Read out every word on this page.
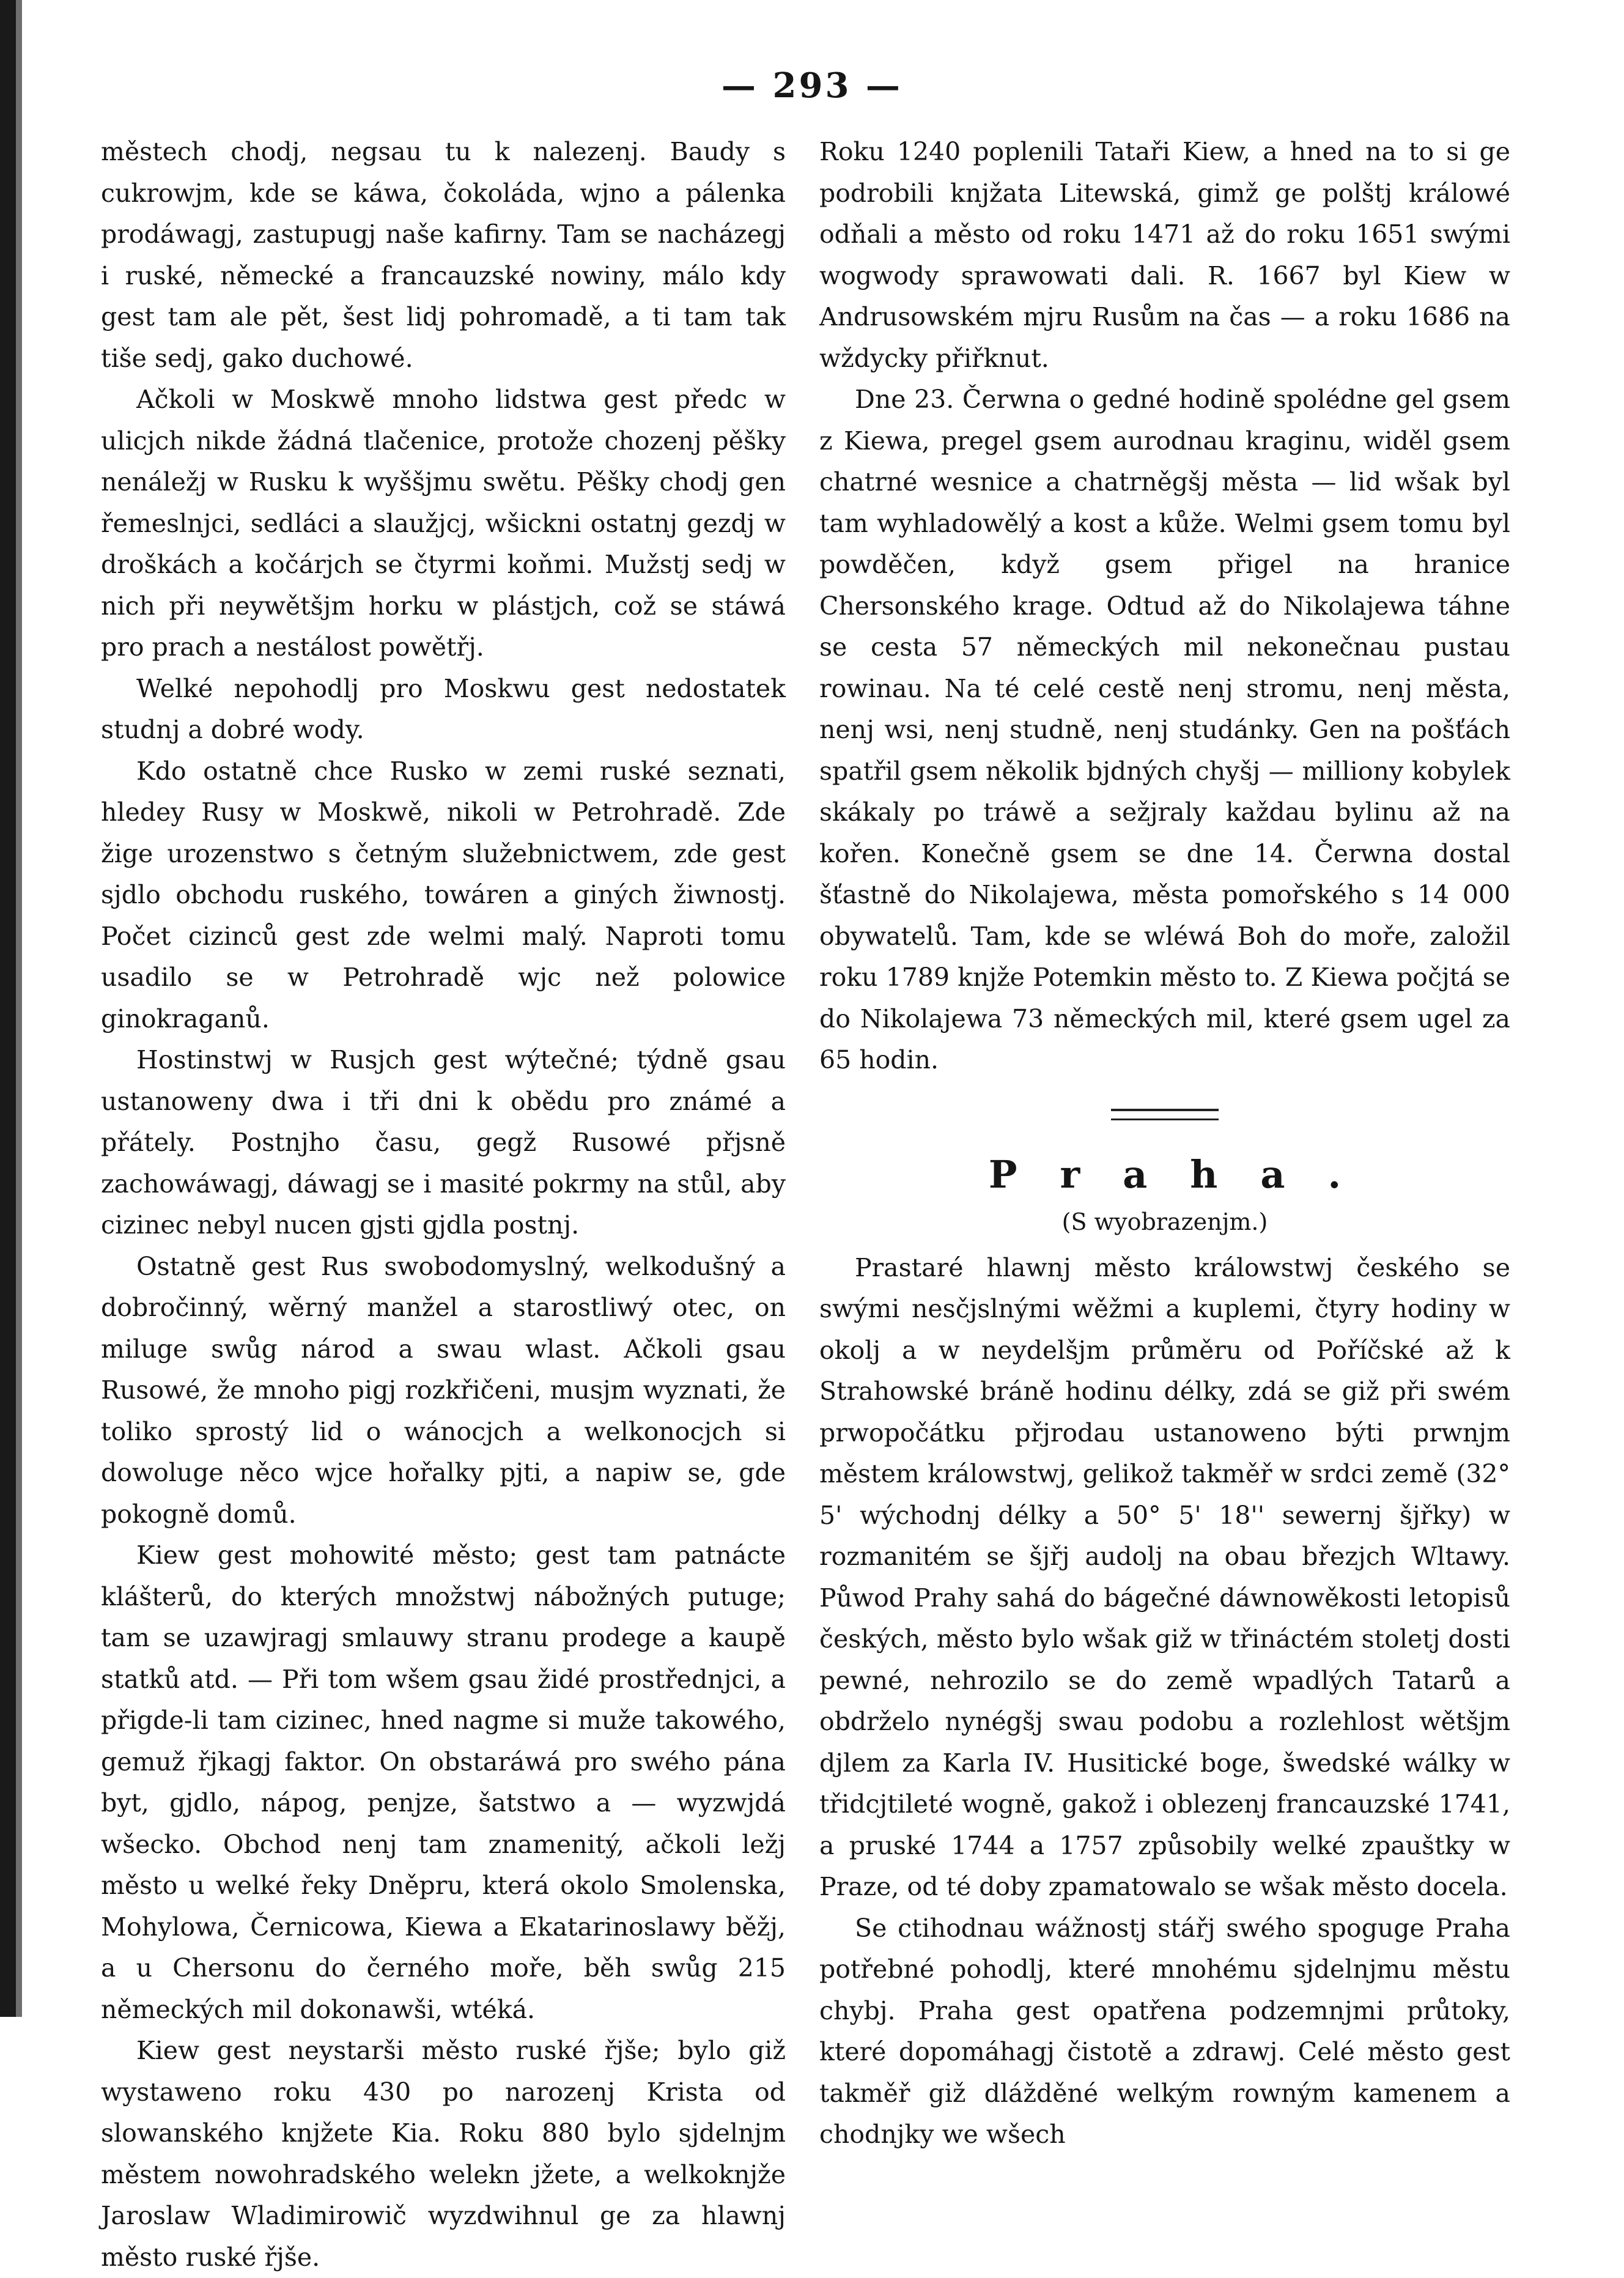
— 293 —

městech chodj, negsau tu k nalezenj. Baudy s cukrowjm, kde se káwa, čokoláda, wjno a pálenka prodáwagj, zastupugj naše kafirny. Tam se nacházegj i ruské, německé a francauzské nowiny, málo kdy gest tam ale pět, šest lidj pohromadě, a ti tam tak tiše sedj, gako duchowé.

Ačkoli w Moskwě mnoho lidstwa gest předc w ulicjch nikde žádná tlačenice, protože chozenj pěšky nenáležj w Rusku k wyššjmu swětu. Pěšky chodj gen řemeslnjci, sedláci a slaužjcj, wšickni ostatnj gezdj w droškách a kočárjch se čtyrmi koňmi. Mužstj sedj w nich při neywětšjm horku w plástjch, což se stáwá pro prach a nestálost powětřj.

Welké nepohodlj pro Moskwu gest nedostatek studnj a dobré wody.

Kdo ostatně chce Rusko w zemi ruské seznati, hledey Rusy w Moskwě, nikoli w Petrohradě. Zde žige urozenstwo s četným služebnictwem, zde gest sjdlo obchodu ruského, towáren a giných žiwnostj. Počet cizinců gest zde welmi malý. Naproti tomu usadilo se w Petrohradě wjc než polowice ginokraganů.

Hostinstwj w Rusjch gest wýtečné; týdně gsau ustanoweny dwa i tři dni k obědu pro známé a přátely. Postnjho času, gegž Rusowé přjsně zachowáwagj, dáwagj se i masité pokrmy na stůl, aby cizinec nebyl nucen gjsti gjdla postnj.

Ostatně gest Rus swobodomyslný, welkodušný a dobročinný, wěrný manžel a starostliwý otec, on miluge swůg národ a swau wlast. Ačkoli gsau Rusowé, že mnoho pigj rozkřičeni, musjm wyznati, že toliko sprostý lid o wánocjch a welkonocjch si dowoluge něco wjce hořalky pjti, a napiw se, gde pokogně domů.

Kiew gest mohowité město; gest tam patnácte klášterů, do kterých množstwj nábožných putuge; tam se uzawjragj smlauwy stranu prodege a kaupě statků atd. — Při tom wšem gsau židé prostřednjci, a přigde-li tam cizinec, hned nagme si muže takowého, gemuž řjkagj faktor. On obstaráwá pro swého pána byt, gjdlo, nápog, penjze, šatstwo a — wyzwjdá wšecko. Obchod nenj tam znamenitý, ačkoli ležj město u welké řeky Dněpru, která okolo Smolenska, Mohylowa, Černicowa, Kiewa a Ekatarinoslawy běžj, a u Chersonu do černého moře, běh swůg 215 německých mil dokonawši, wtéká.

Kiew gest neystarši město ruské řjše; bylo giž wystaweno roku 430 po narozenj Krista od slowanského knjžete Kia. Roku 880 bylo sjdelnjm městem nowohradského welekn jžete, a welkoknjže Jaroslaw Wladimirowič wyzdwihnul ge za hlawnj město ruské řjše.

Roku 1240 poplenili Tataři Kiew, a hned na to si ge podrobili knjžata Litewská, gimž ge polštj králowé odňali a město od roku 1471 až do roku 1651 swými wogwody sprawowati dali. R. 1667 byl Kiew w Andrusowském mjru Rusům na čas — a roku 1686 na wždycky přiřknut.

Dne 23. Čerwna o gedné hodině spolédne gel gsem z Kiewa, pregel gsem aurodnau kraginu, widěl gsem chatrné wesnice a chatrněgšj města — lid wšak byl tam wyhladowělý a kost a kůže. Welmi gsem tomu byl powděčen, když gsem přigel na hranice Chersonského krage. Odtud až do Nikolajewa táhne se cesta 57 německých mil nekonečnau pustau rowinau. Na té celé cestě nenj stromu, nenj města, nenj wsi, nenj studně, nenj studánky. Gen na pošťách spatřil gsem několik bjdných chyšj — milliony kobylek skákaly po tráwě a sežjraly každau bylinu až na kořen. Konečně gsem se dne 14. Čerwna dostal šťastně do Nikolajewa, města pomořského s 14 000 obywatelů. Tam, kde se wléwá Boh do moře, založil roku 1789 knjže Potemkin město to. Z Kiewa počjtá se do Nikolajewa 73 německých mil, které gsem ugel za 65 hodin.

Praha.
(S wyobrazenjm.)

Prastaré hlawnj město králowstwj českého se swými nesčjslnými wěžmi a kuplemi, čtyry hodiny w okolj a w neydelšjm průměru od Poříčské až k Strahowské bráně hodinu délky, zdá se giž při swém prwopočátku přjrodau ustanoweno býti prwnjm městem králowstwj, gelikož takměř w srdci země (32° 5' wýchodnj délky a 50° 5' 18'' sewernj šjřky) w rozmanitém se šjřj audolj na obau březjch Wltawy. Půwod Prahy sahá do bágečné dáwnowěkosti letopisů českých, město bylo wšak giž w třináctém stoletj dosti pewné, nehrozilo se do země wpadlých Tatarů a obdrželo nynégšj swau podobu a rozlehlost wětšjm djlem za Karla IV. Husitické boge, šwedské wálky w třidcjtileté wogně, gakož i oblezenj francauzské 1741, a pruské 1744 a 1757 způsobily welké zpauštky w Praze, od té doby zpamatowalo se wšak město docela.

Se ctihodnau wážnostj stářj swého spoguge Praha potřebné pohodlj, které mnohému sjdelnjmu městu chybj. Praha gest opatřena podzemnjmi průtoky, které dopomáhagj čistotě a zdrawj. Celé město gest takměř giž dlážděné welkým rowným kamenem a chodnjky we wšech
